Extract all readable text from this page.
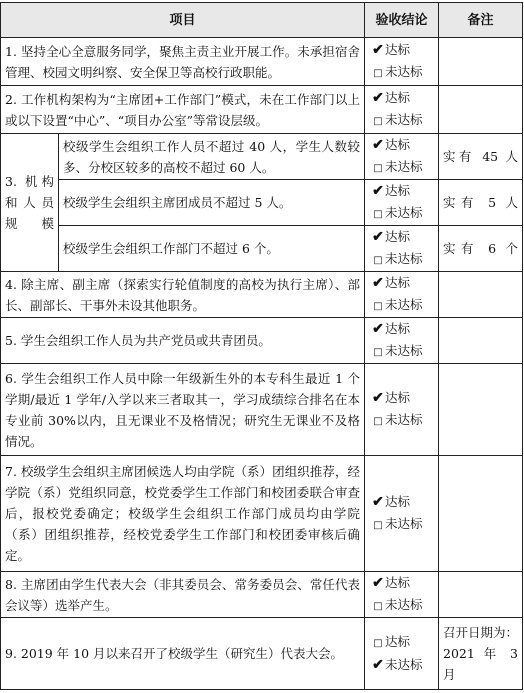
项目		验收结论	备注
1. 坚持全心全意服务同学，聚焦主责主业开展工作。未承担宿舍管理、校园文明纠察、安全保卫等高校行政职能。		✔达标
□ 未达标	

2. 工作机构架构为“主席团+工作部门”模式，未在工作部门以上或以下设置“中心”、“项目办公室”等常设层级。		✔达标
□ 未达标	

3. 机构和人员规模	校级学生会组织工作人员不超过 40 人，学生人数较多、分校区较多的高校不超过 60 人。	✔达标
□ 未达标	实有 45 人
	校级学生会组织主席团成员不超过 5 人。	✔达标
□ 未达标	实有 5 人
	校级学生会组织工作部门不超过 6 个。	✔达标
□ 未达标	实有 6 个
4. 除主席、副主席（探索实行轮值制度的高校为执行主席）、部长、副部长、干事外未设其他职务。		✔达标
□ 未达标	

5. 学生会组织工作人员为共产党员或共青团员。		✔达标
□ 未达标	

6. 学生会组织工作人员中除一年级新生外的本专科生最近 1 个学期/最近 1 学年/入学以来三者取其一，学习成绩综合排名在本专业前 30%以内，且无课业不及格情况；研究生无课业不及格情况。		✔达标
□ 未达标	

7. 校级学生会组织主席团候选人均由学院（系）团组织推荐，经学院（系）党组织同意，校党委学生工作部门和校团委联合审查后，报校党委确定；校级学生会组织工作部门成员均由学院（系）团组织推荐，经校党委学生工作部门和校团委审核后确定。		✔达标
□ 未达标	

8. 主席团由学生代表大会（非其委员会、常务委员会、常任代表会议等）选举产生。		✔达标
□ 未达标	

9. 2019 年 10 月以来召开了校级学生（研究生）代表大会。		□ 达标
✔未达标	召开日期为：2021 年 3 月
